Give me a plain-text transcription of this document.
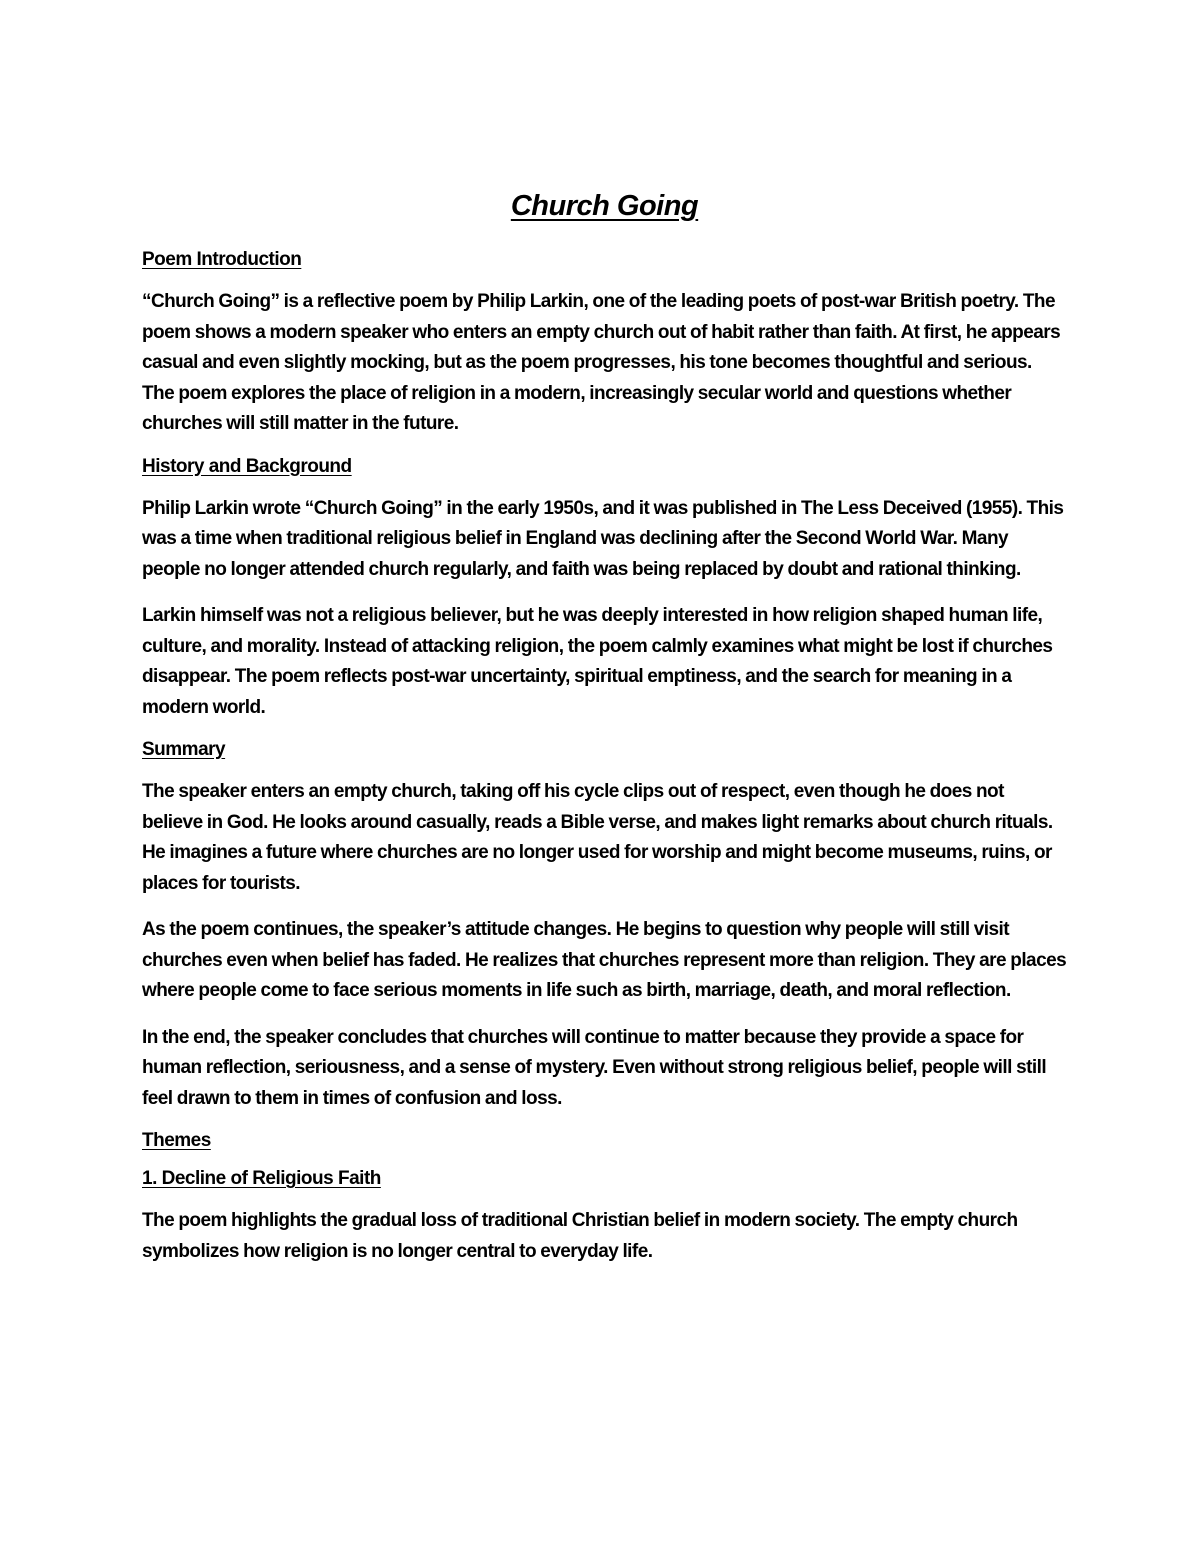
Church Going
Poem Introduction

“Church Going” is a reflective poem by Philip Larkin, one of the leading poets of post-war British poetry. The poem shows a modern speaker who enters an empty church out of habit rather than faith. At first, he appears casual and even slightly mocking, but as the poem progresses, his tone becomes thoughtful and serious. The poem explores the place of religion in a modern, increasingly secular world and questions whether churches will still matter in the future.

History and Background

Philip Larkin wrote “Church Going” in the early 1950s, and it was published in The Less Deceived (1955). This was a time when traditional religious belief in England was declining after the Second World War. Many people no longer attended church regularly, and faith was being replaced by doubt and rational thinking.

Larkin himself was not a religious believer, but he was deeply interested in how religion shaped human life, culture, and morality. Instead of attacking religion, the poem calmly examines what might be lost if churches disappear. The poem reflects post-war uncertainty, spiritual emptiness, and the search for meaning in a modern world.

Summary

The speaker enters an empty church, taking off his cycle clips out of respect, even though he does not believe in God. He looks around casually, reads a Bible verse, and makes light remarks about church rituals. He imagines a future where churches are no longer used for worship and might become museums, ruins, or places for tourists.

As the poem continues, the speaker’s attitude changes. He begins to question why people will still visit churches even when belief has faded. He realizes that churches represent more than religion. They are places where people come to face serious moments in life such as birth, marriage, death, and moral reflection.

In the end, the speaker concludes that churches will continue to matter because they provide a space for human reflection, seriousness, and a sense of mystery. Even without strong religious belief, people will still feel drawn to them in times of confusion and loss.

Themes
1. Decline of Religious Faith

The poem highlights the gradual loss of traditional Christian belief in modern society. The empty church symbolizes how religion is no longer central to everyday life.
